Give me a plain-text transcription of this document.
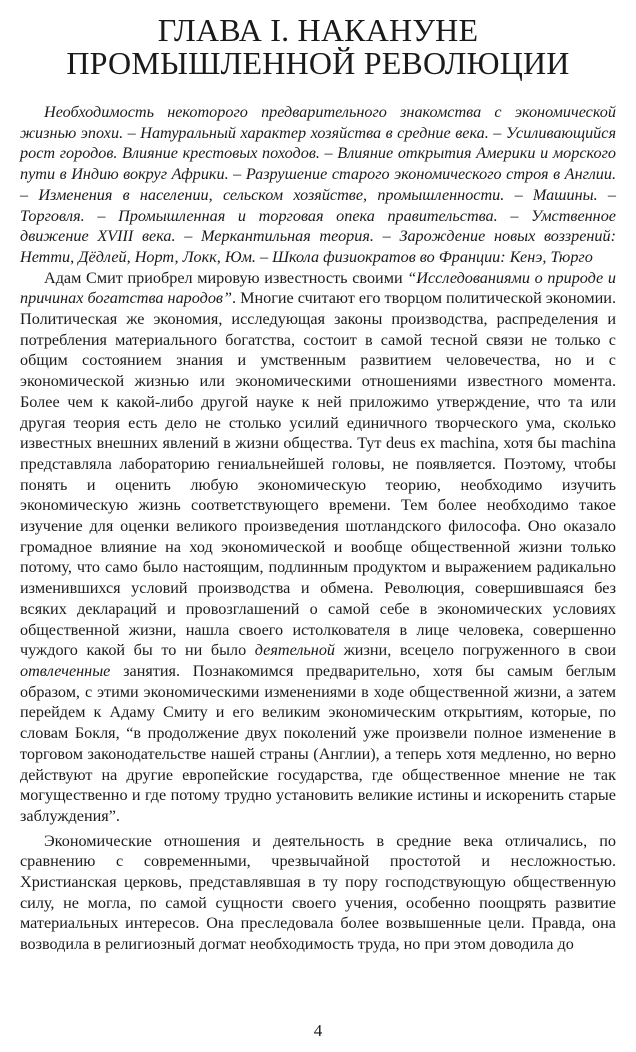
ГЛАВА I. НАКАНУНЕ
ПРОМЫШЛЕННОЙ РЕВОЛЮЦИИ

Необходимость некоторого предварительного знакомства с экономической жизнью эпохи. – Натуральный характер хозяйства в средние века. – Усиливающийся рост городов. Влияние крестовых походов. – Влияние открытия Америки и морского пути в Индию вокруг Африки. – Разрушение старого экономического строя в Англии. – Изменения в населении, сельском хозяйстве, промышленности. – Машины. – Торговля. – Промышленная и торговая опека правительства. – Умственное движение XVIII века. – Меркантильная теория. – Зарождение новых воззрений: Нетти, Дёдлей, Норт, Локк, Юм. – Школа физиократов во Франции: Кенэ, Тюрго

Адам Смит приобрел мировую известность своими “Исследованиями о природе и причинах богатства народов”. Многие считают его творцом политической экономии. Политическая же экономия, исследующая законы производства, распределения и потребления материального богатства, состоит в самой тесной связи не только с общим состоянием знания и умственным развитием человечества, но и с экономической жизнью или экономическими отношениями известного момента. Более чем к какой-либо другой науке к ней приложимо утверждение, что та или другая теория есть дело не столько усилий единичного творческого ума, сколько известных внешних явлений в жизни общества. Тут deus ex machina, хотя бы machina представляла лабораторию гениальнейшей головы, не появляется. Поэтому, чтобы понять и оценить любую экономическую теорию, необходимо изучить экономическую жизнь соответствующего времени. Тем более необходимо такое изучение для оценки великого произведения шотландского философа. Оно оказало громадное влияние на ход экономической и вообще общественной жизни только потому, что само было настоящим, подлинным продуктом и выражением радикально изменившихся условий производства и обмена. Революция, совершившаяся без всяких деклараций и провозглашений о самой себе в экономических условиях общественной жизни, нашла своего истолкователя в лице человека, совершенно чуждого какой бы то ни было деятельной жизни, всецело погруженного в свои отвлеченные занятия. Познакомимся предварительно, хотя бы самым беглым образом, с этими экономическими изменениями в ходе общественной жизни, а затем перейдем к Адаму Смиту и его великим экономическим открытиям, которые, по словам Бокля, “в продолжение двух поколений уже произвели полное изменение в торговом законодательстве нашей страны (Англии), а теперь хотя медленно, но верно действуют на другие европейские государства, где общественное мнение не так могущественно и где потому трудно установить великие истины и искоренить старые заблуждения”.

Экономические отношения и деятельность в средние века отличались, по сравнению с современными, чрезвычайной простотой и несложностью. Христианская церковь, представлявшая в ту пору господствующую общественную силу, не могла, по самой сущности своего учения, особенно поощрять развитие материальных интересов. Она преследовала более возвышенные цели. Правда, она возводила в религиозный догмат необходимость труда, но при этом доводила до

4
